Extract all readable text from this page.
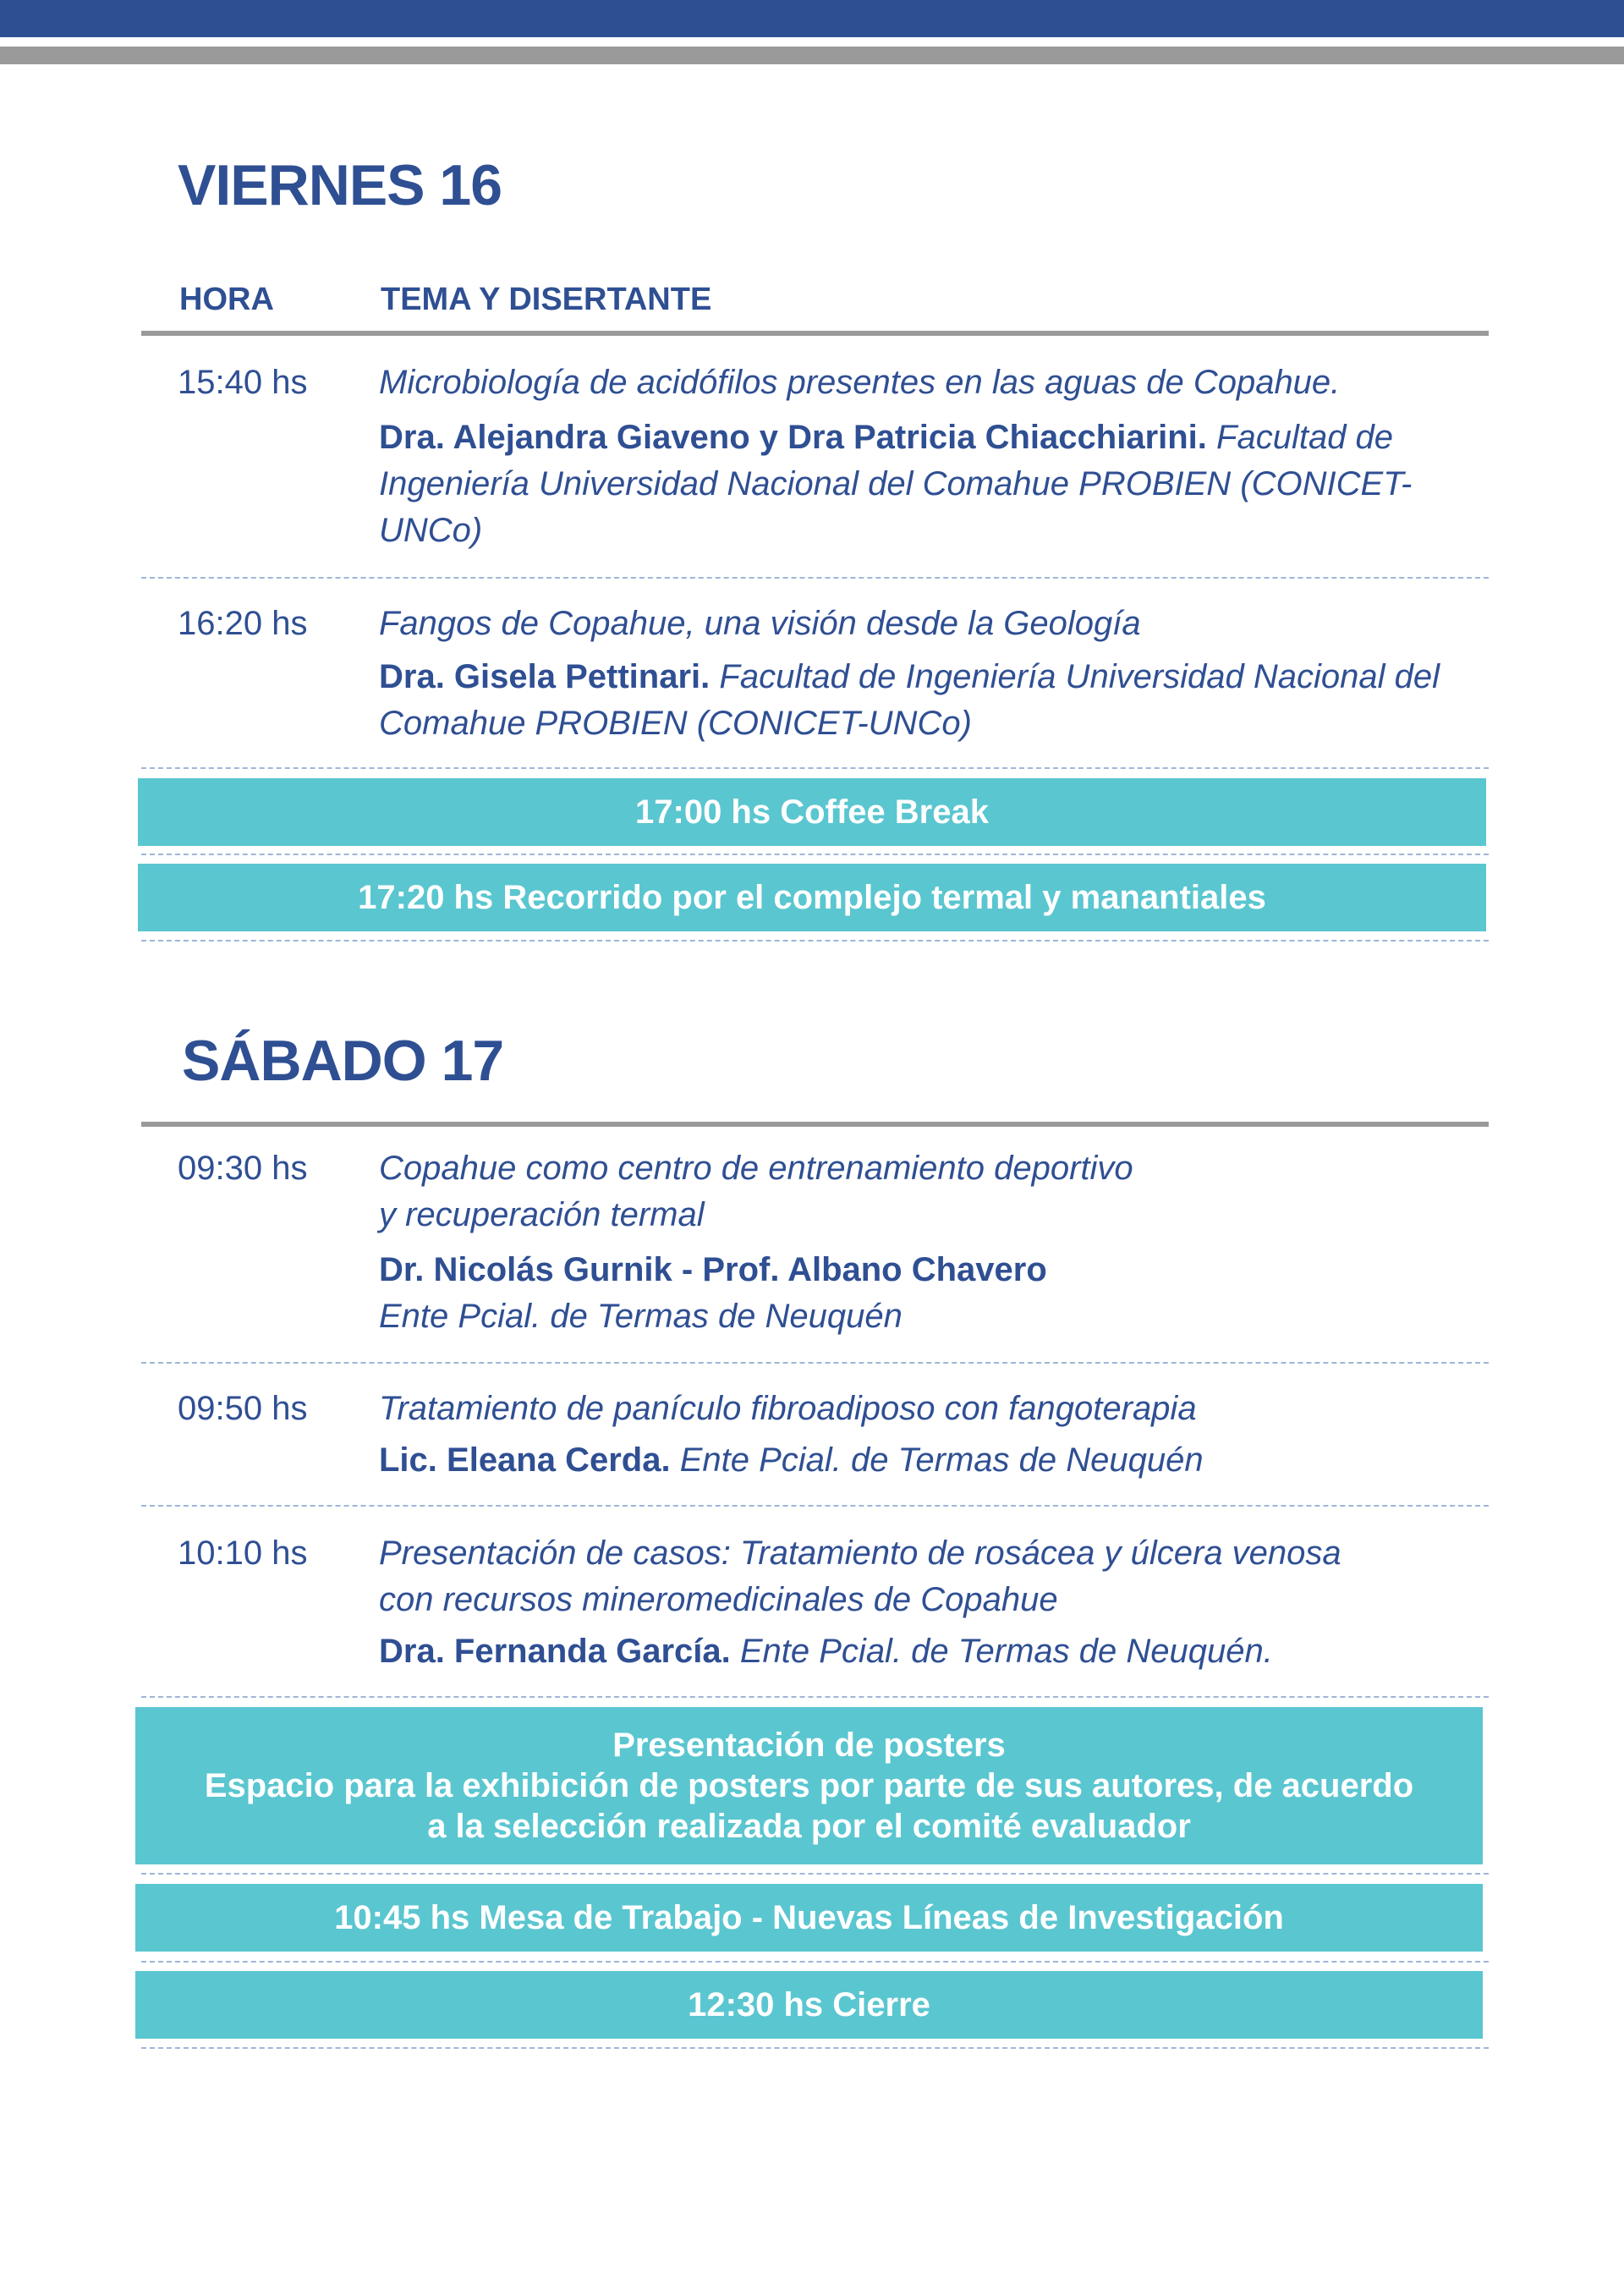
VIERNES 16
HORA	TEMA Y DISERTANTE
15:40 hs Microbiología de acidófilos presentes en las aguas de Copahue.

Dra. Alejandra Giaveno y Dra Patricia Chiacchiarini. Facultad de Ingeniería Universidad Nacional del Comahue PROBIEN (CONICET-UNCo)

16:20 hs Fangos de Copahue, una visión desde la Geología

Dra. Gisela Pettinari. Facultad de Ingeniería Universidad Nacional del Comahue PROBIEN (CONICET-UNCo)

17:00 hs Coffee Break
17:20 hs Recorrido por el complejo termal y manantiales
SÁBADO 17
09:30 hs Copahue como centro de entrenamiento deportivo

y recuperación termal

Dr. Nicolás Gurnik - Prof. Albano Chavero

Ente Pcial. de Termas de Neuquén

09:50 hs Tratamiento de panículo fibroadiposo con fangoterapia

Lic. Eleana Cerda. Ente Pcial. de Termas de Neuquén

10:10 hs Presentación de casos: Tratamiento de rosácea y úlcera venosa

con recursos mineromedicinales de Copahue

Dra. Fernanda García. Ente Pcial. de Termas de Neuquén.

Presentación de posters
Espacio para la exhibición de posters por parte de sus autores, de acuerdo
a la selección realizada por el comité evaluador
10:45 hs Mesa de Trabajo - Nuevas Líneas de Investigación
12:30 hs Cierre
